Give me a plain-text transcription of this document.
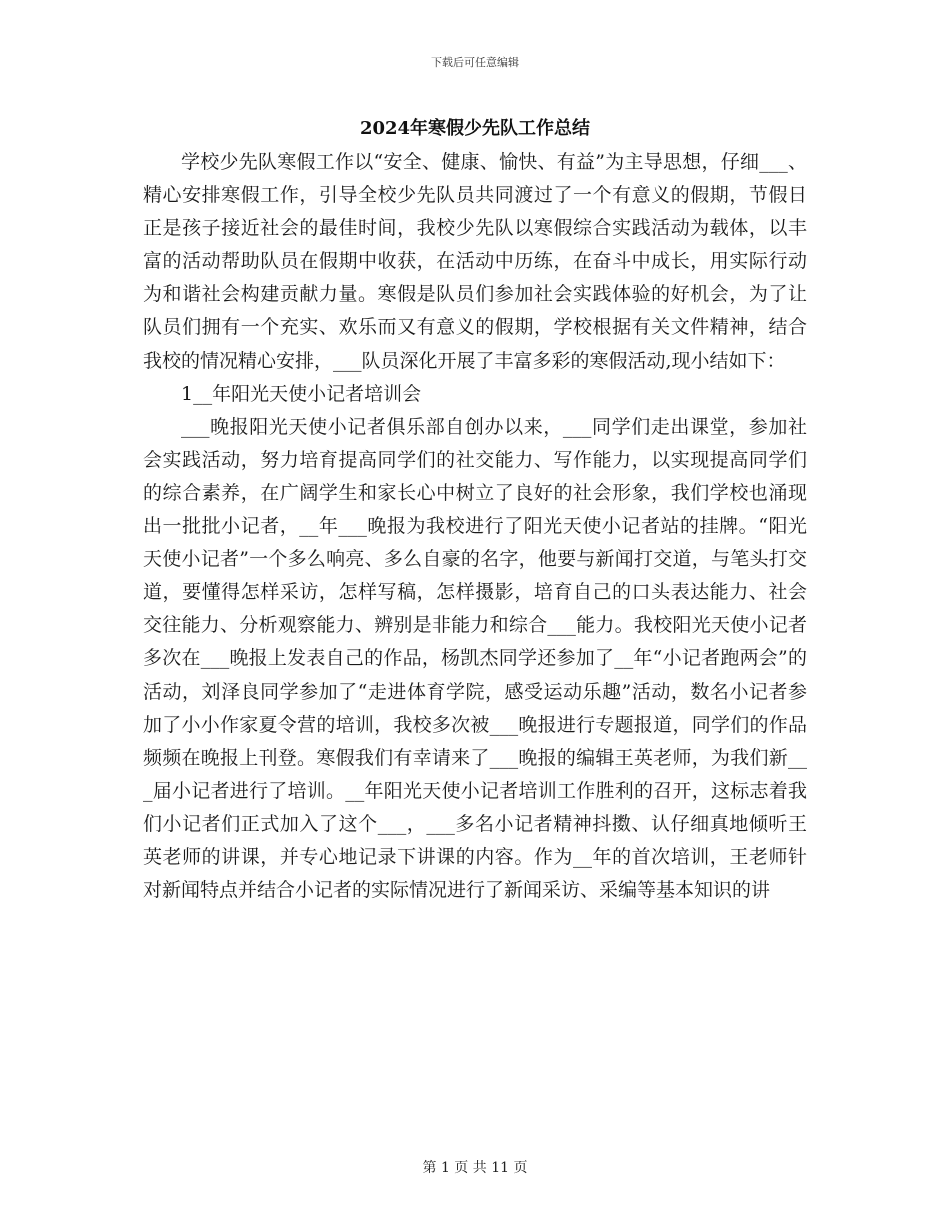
下载后可任意编辑
2024年寒假少先队工作总结

学校少先队寒假工作以“安全、健康、愉快、有益”为主导思想，仔细___、精心安排寒假工作，引导全校少先队员共同渡过了一个有意义的假期，节假日正是孩子接近社会的最佳时间，我校少先队以寒假综合实践活动为载体，以丰富的活动帮助队员在假期中收获，在活动中历练，在奋斗中成长，用实际行动为和谐社会构建贡献力量。寒假是队员们参加社会实践体验的好机会，为了让队员们拥有一个充实、欢乐而又有意义的假期，学校根据有关文件精神，结合我校的情况精心安排，___队员深化开展了丰富多彩的寒假活动,现小结如下：

1__年阳光天使小记者培训会

___晚报阳光天使小记者俱乐部自创办以来，___同学们走出课堂，参加社会实践活动，努力培育提高同学们的社交能力、写作能力，以实现提高同学们的综合素养，在广阔学生和家长心中树立了良好的社会形象，我们学校也涌现出一批批小记者，__年___晚报为我校进行了阳光天使小记者站的挂牌。“阳光天使小记者”一个多么响亮、多么自豪的名字，他要与新闻打交道，与笔头打交道，要懂得怎样采访，怎样写稿，怎样摄影，培育自己的口头表达能力、社会交往能力、分析观察能力、辨别是非能力和综合___能力。我校阳光天使小记者多次在___晚报上发表自己的作品，杨凯杰同学还参加了__年“小记者跑两会”的活动，刘泽良同学参加了“走进体育学院，感受运动乐趣”活动，数名小记者参加了小小作家夏令营的培训，我校多次被___晚报进行专题报道，同学们的作品频频在晚报上刊登。寒假我们有幸请来了___晚报的编辑王英老师，为我们新___届小记者进行了培训。__年阳光天使小记者培训工作胜利的召开，这标志着我们小记者们正式加入了这个___，___多名小记者精神抖擞、认仔细真地倾听王英老师的讲课，并专心地记录下讲课的内容。作为__年的首次培训，王老师针对新闻特点并结合小记者的实际情况进行了新闻采访、采编等基本知识的讲

第 1 页 共 11 页
